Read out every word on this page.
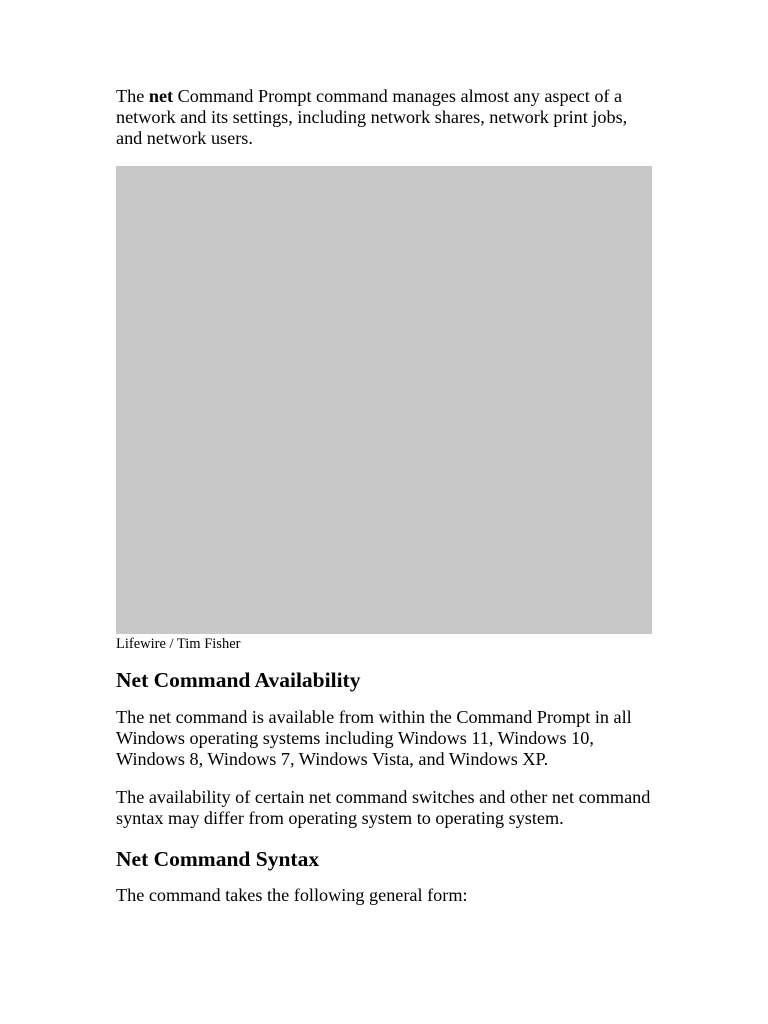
The net Command Prompt command manages almost any aspect of a network and its settings, including network shares, network print jobs, and network users.

Lifewire / Tim Fisher
Net Command Availability

The net command is available from within the Command Prompt in all Windows operating systems including Windows 11, Windows 10, Windows 8, Windows 7, Windows Vista, and Windows XP.

The availability of certain net command switches and other net command syntax may differ from operating system to operating system.

Net Command Syntax

The command takes the following general form:
